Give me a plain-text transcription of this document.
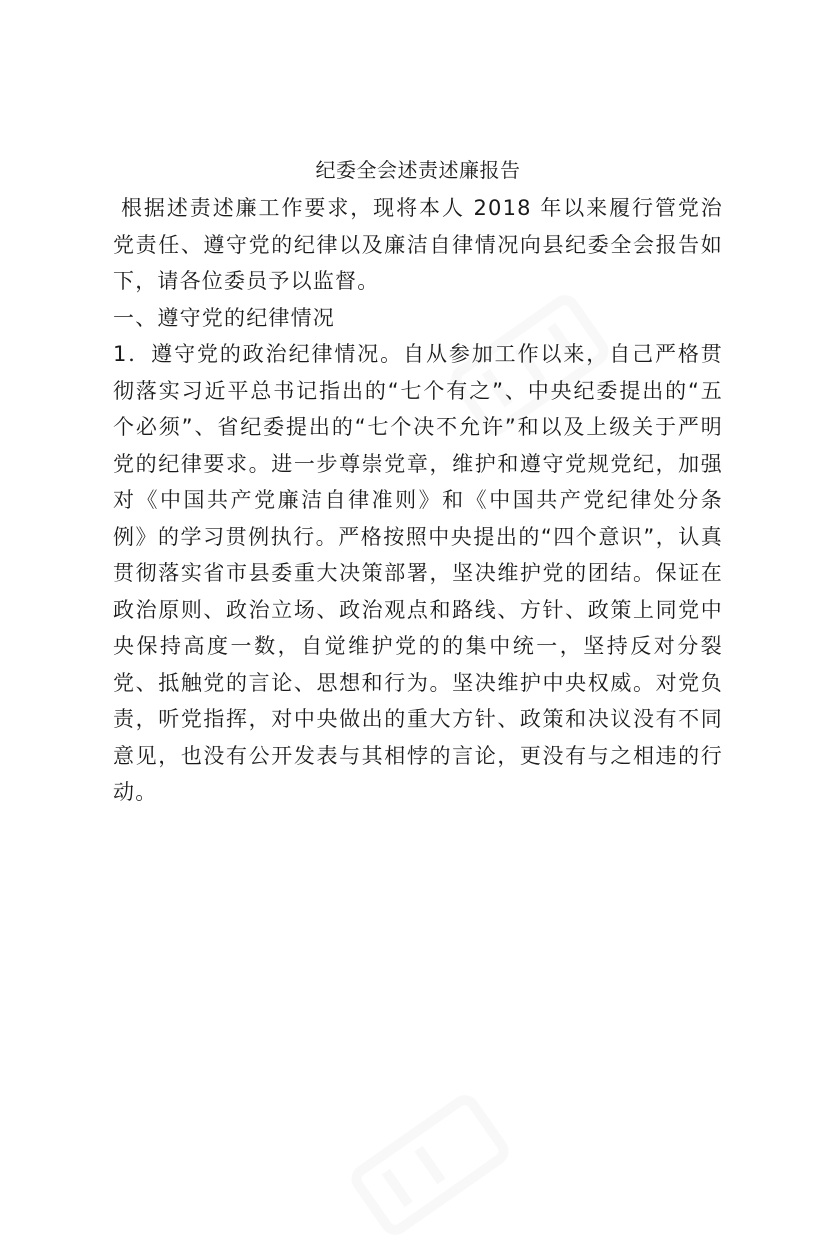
纪委全会述责述廉报告

根据述责述廉工作要求，现将本人 2018 年以来履行管党治党责任、遵守党的纪律以及廉洁自律情况向县纪委全会报告如下，请各位委员予以监督。

一、遵守党的纪律情况

1．遵守党的政治纪律情况。自从参加工作以来，自己严格贯彻落实习近平总书记指出的“七个有之”、中央纪委提出的“五个必须”、省纪委提出的“七个决不允许”和以及上级关于严明党的纪律要求。进一步尊崇党章，维护和遵守党规党纪，加强对《中国共产党廉洁自律准则》和《中国共产党纪律处分条例》的学习贯例执行。严格按照中央提出的“四个意识”，认真贯彻落实省市县委重大决策部署，坚决维护党的团结。保证在政治原则、政治立场、政治观点和路线、方针、政策上同党中央保持高度一数，自觉维护党的的集中统一，坚持反对分裂党、抵触党的言论、思想和行为。坚决维护中央权威。对党负责，听党指挥，对中央做出的重大方针、政策和决议没有不同意见，也没有公开发表与其相悖的言论，更没有与之相违的行动。
